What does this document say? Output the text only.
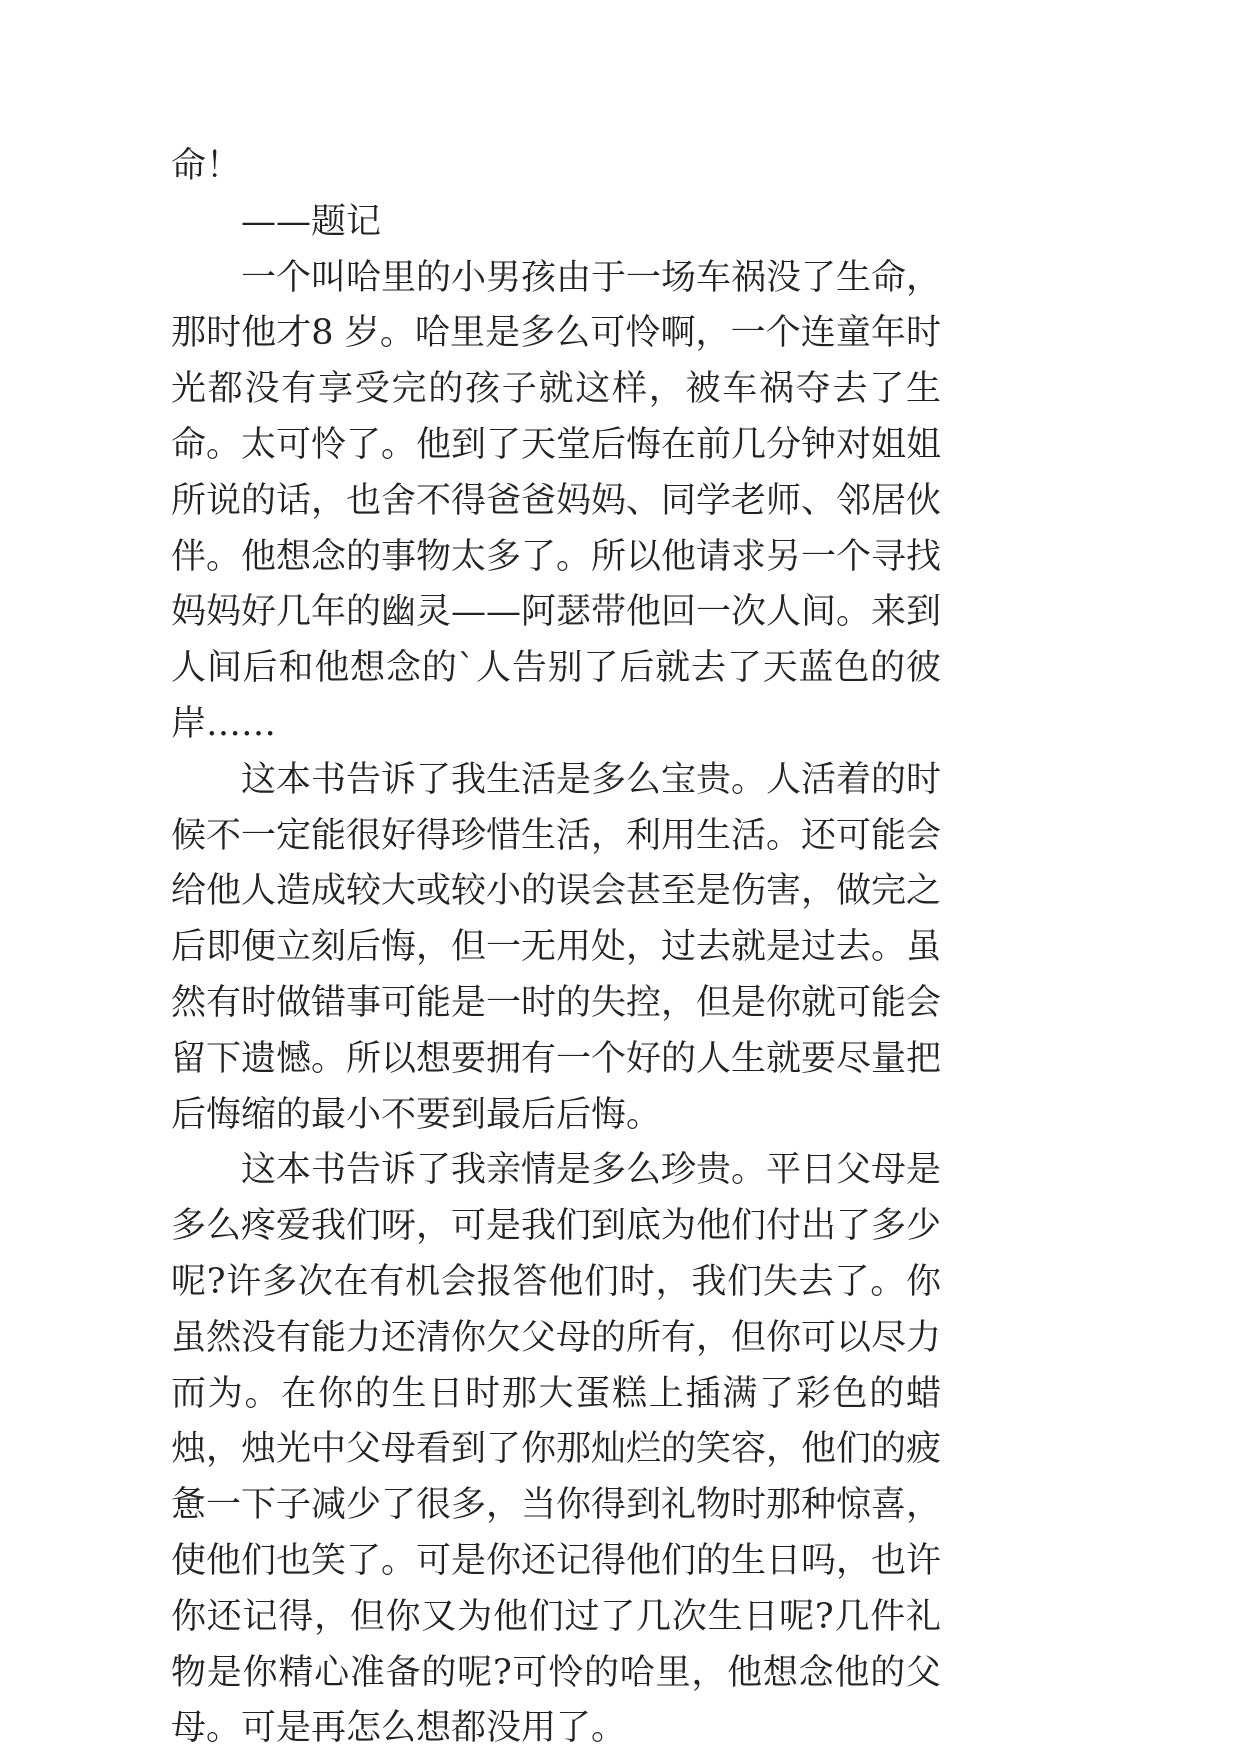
命！

——题记

一个叫哈里的小男孩由于一场车祸没了生命，那时他才8 岁。哈里是多么可怜啊，一个连童年时光都没有享受完的孩子就这样，被车祸夺去了生命。太可怜了。他到了天堂后悔在前几分钟对姐姐所说的话，也舍不得爸爸妈妈、同学老师、邻居伙伴。他想念的事物太多了。所以他请求另一个寻找妈妈好几年的幽灵——阿瑟带他回一次人间。来到人间后和他想念的`人告别了后就去了天蓝色的彼岸……

这本书告诉了我生活是多么宝贵。人活着的时候不一定能很好得珍惜生活，利用生活。还可能会给他人造成较大或较小的误会甚至是伤害，做完之后即便立刻后悔，但一无用处，过去就是过去。虽然有时做错事可能是一时的失控，但是你就可能会留下遗憾。所以想要拥有一个好的人生就要尽量把后悔缩的最小不要到最后后悔。

这本书告诉了我亲情是多么珍贵。平日父母是多么疼爱我们呀，可是我们到底为他们付出了多少呢?许多次在有机会报答他们时，我们失去了。你虽然没有能力还清你欠父母的所有，但你可以尽力而为。在你的生日时那大蛋糕上插满了彩色的蜡烛，烛光中父母看到了你那灿烂的笑容，他们的疲惫一下子减少了很多，当你得到礼物时那种惊喜，使他们也笑了。可是你还记得他们的生日吗，也许你还记得，但你又为他们过了几次生日呢?几件礼物是你精心准备的呢?可怜的哈里，他想念他的父母。可是再怎么想都没用了。
